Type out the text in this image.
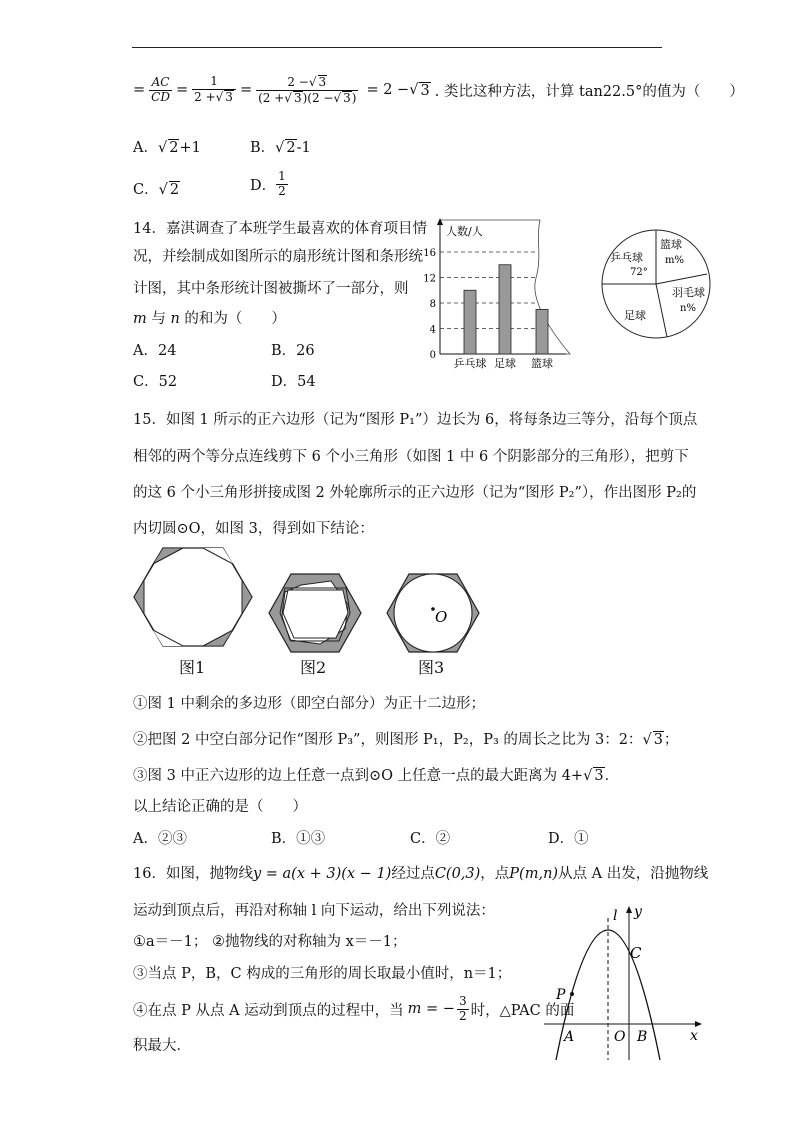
= $\frac{AC}{CD} = \frac{1}{2 +√ 3} = \frac{2 -√ 3}{(2 +√ 3)(2 -√ 3)} = 2$ − √ 3 . 类比这种方法，计算 tan22.5°的值为（　　）
A．√ 2+1	B．√ 2-1
C．√ 2	D． $\frac{1}{2}$
14．嘉淇调查了本班学生最喜欢的体育项目情
况，并绘制成如图所示的扇形统计图和条形统
计图，其中条形统计图被撕坏了一部分，则
m 与 n 的和为（　　）
A．24	B．26
C．52	D．54
0
4
8
12
16
乒乓球 足球 篮球
人数/人
乒乓球
72°
篮球
m%
羽毛球
n%
足球
15．如图 1 所示的正六边形（记为“图形 P₁”）边长为 6，将每条边三等分，沿每个顶点
相邻的两个等分点连线剪下 6 个小三角形（如图 1 中 6 个阴影部分的三角形），把剪下
的这 6 个小三角形拼接成图 2 外轮廓所示的正六边形（记为“图形 P₂”），作出图形 P₂的
内切圆⊙O，如图 3，得到如下结论：
图1	图2
O
图3
①图 1 中剩余的多边形（即空白部分）为正十二边形；
②把图 2 中空白部分记作“图形 P₃”，则图形 P₁，P₂，P₃ 的周长之比为 3：2：√ 3；
③图 3 中正六边形的边上任意一点到⊙O 上任意一点的最大距离为 4+√ 3．
以上结论正确的是（　　）
A．②③	B．①③	C．②	D．①
16．如图，抛物线y = a(x + 3)(x − 1)经过点C(0,3)，点P(m,n)从点 A 出发，沿抛物线
运动到顶点后，再沿对称轴 l 向下运动，给出下列说法：
①a＝－1； ②抛物线的对称轴为 x＝－1；
③当点 P，B，C 构成的三角形的周长取最小值时，n＝1；
④在点 P 从点 A 运动到顶点的过程中，当 m = − $\frac{3}{2}$ 时，△PAC 的面
积最大．
l y
x
C
P
A	O B
